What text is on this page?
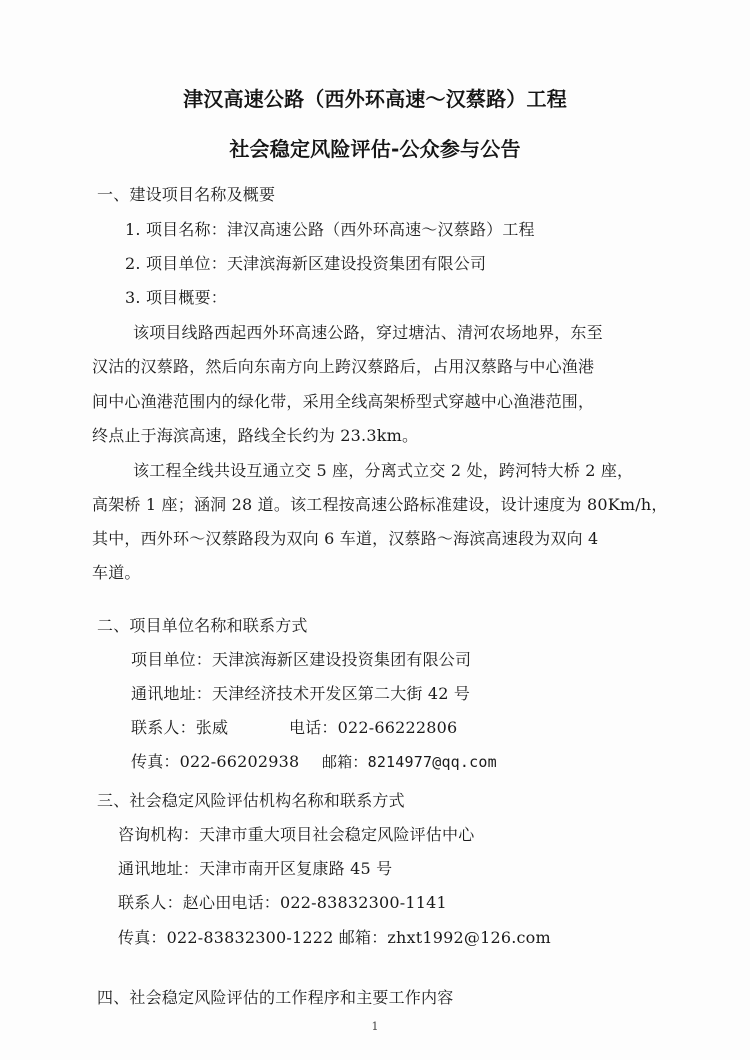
津汉高速公路（西外环高速～汉蔡路）工程
社会稳定风险评估-公众参与公告
一、建设项目名称及概要
1. 项目名称：津汉高速公路（西外环高速～汉蔡路）工程
2. 项目单位：天津滨海新区建设投资集团有限公司
3. 项目概要：
该项目线路西起西外环高速公路，穿过塘沽、清河农场地界，东至
汉沽的汉蔡路，然后向东南方向上跨汉蔡路后，占用汉蔡路与中心渔港
间中心渔港范围内的绿化带，采用全线高架桥型式穿越中心渔港范围，
终点止于海滨高速，路线全长约为 23.3km。
该工程全线共设互通立交 5 座，分离式立交 2 处，跨河特大桥 2 座，
高架桥 1 座；涵洞 28 道。该工程按高速公路标准建设，设计速度为 80Km/h，
其中，西外环～汉蔡路段为双向 6 车道，汉蔡路～海滨高速段为双向 4
车道。
二、项目单位名称和联系方式
项目单位：天津滨海新区建设投资集团有限公司
通讯地址：天津经济技术开发区第二大街 42 号
联系人：张威	电话：022-66222806
传真：022-66202938 邮箱：8214977@qq.com
三、社会稳定风险评估机构名称和联系方式
咨询机构：天津市重大项目社会稳定风险评估中心
通讯地址：天津市南开区复康路 45 号
联系人：赵心田电话：022-83832300-1141
传真：022-83832300-1222 邮箱：zhxt1992@126.com
四、社会稳定风险评估的工作程序和主要工作内容
1
